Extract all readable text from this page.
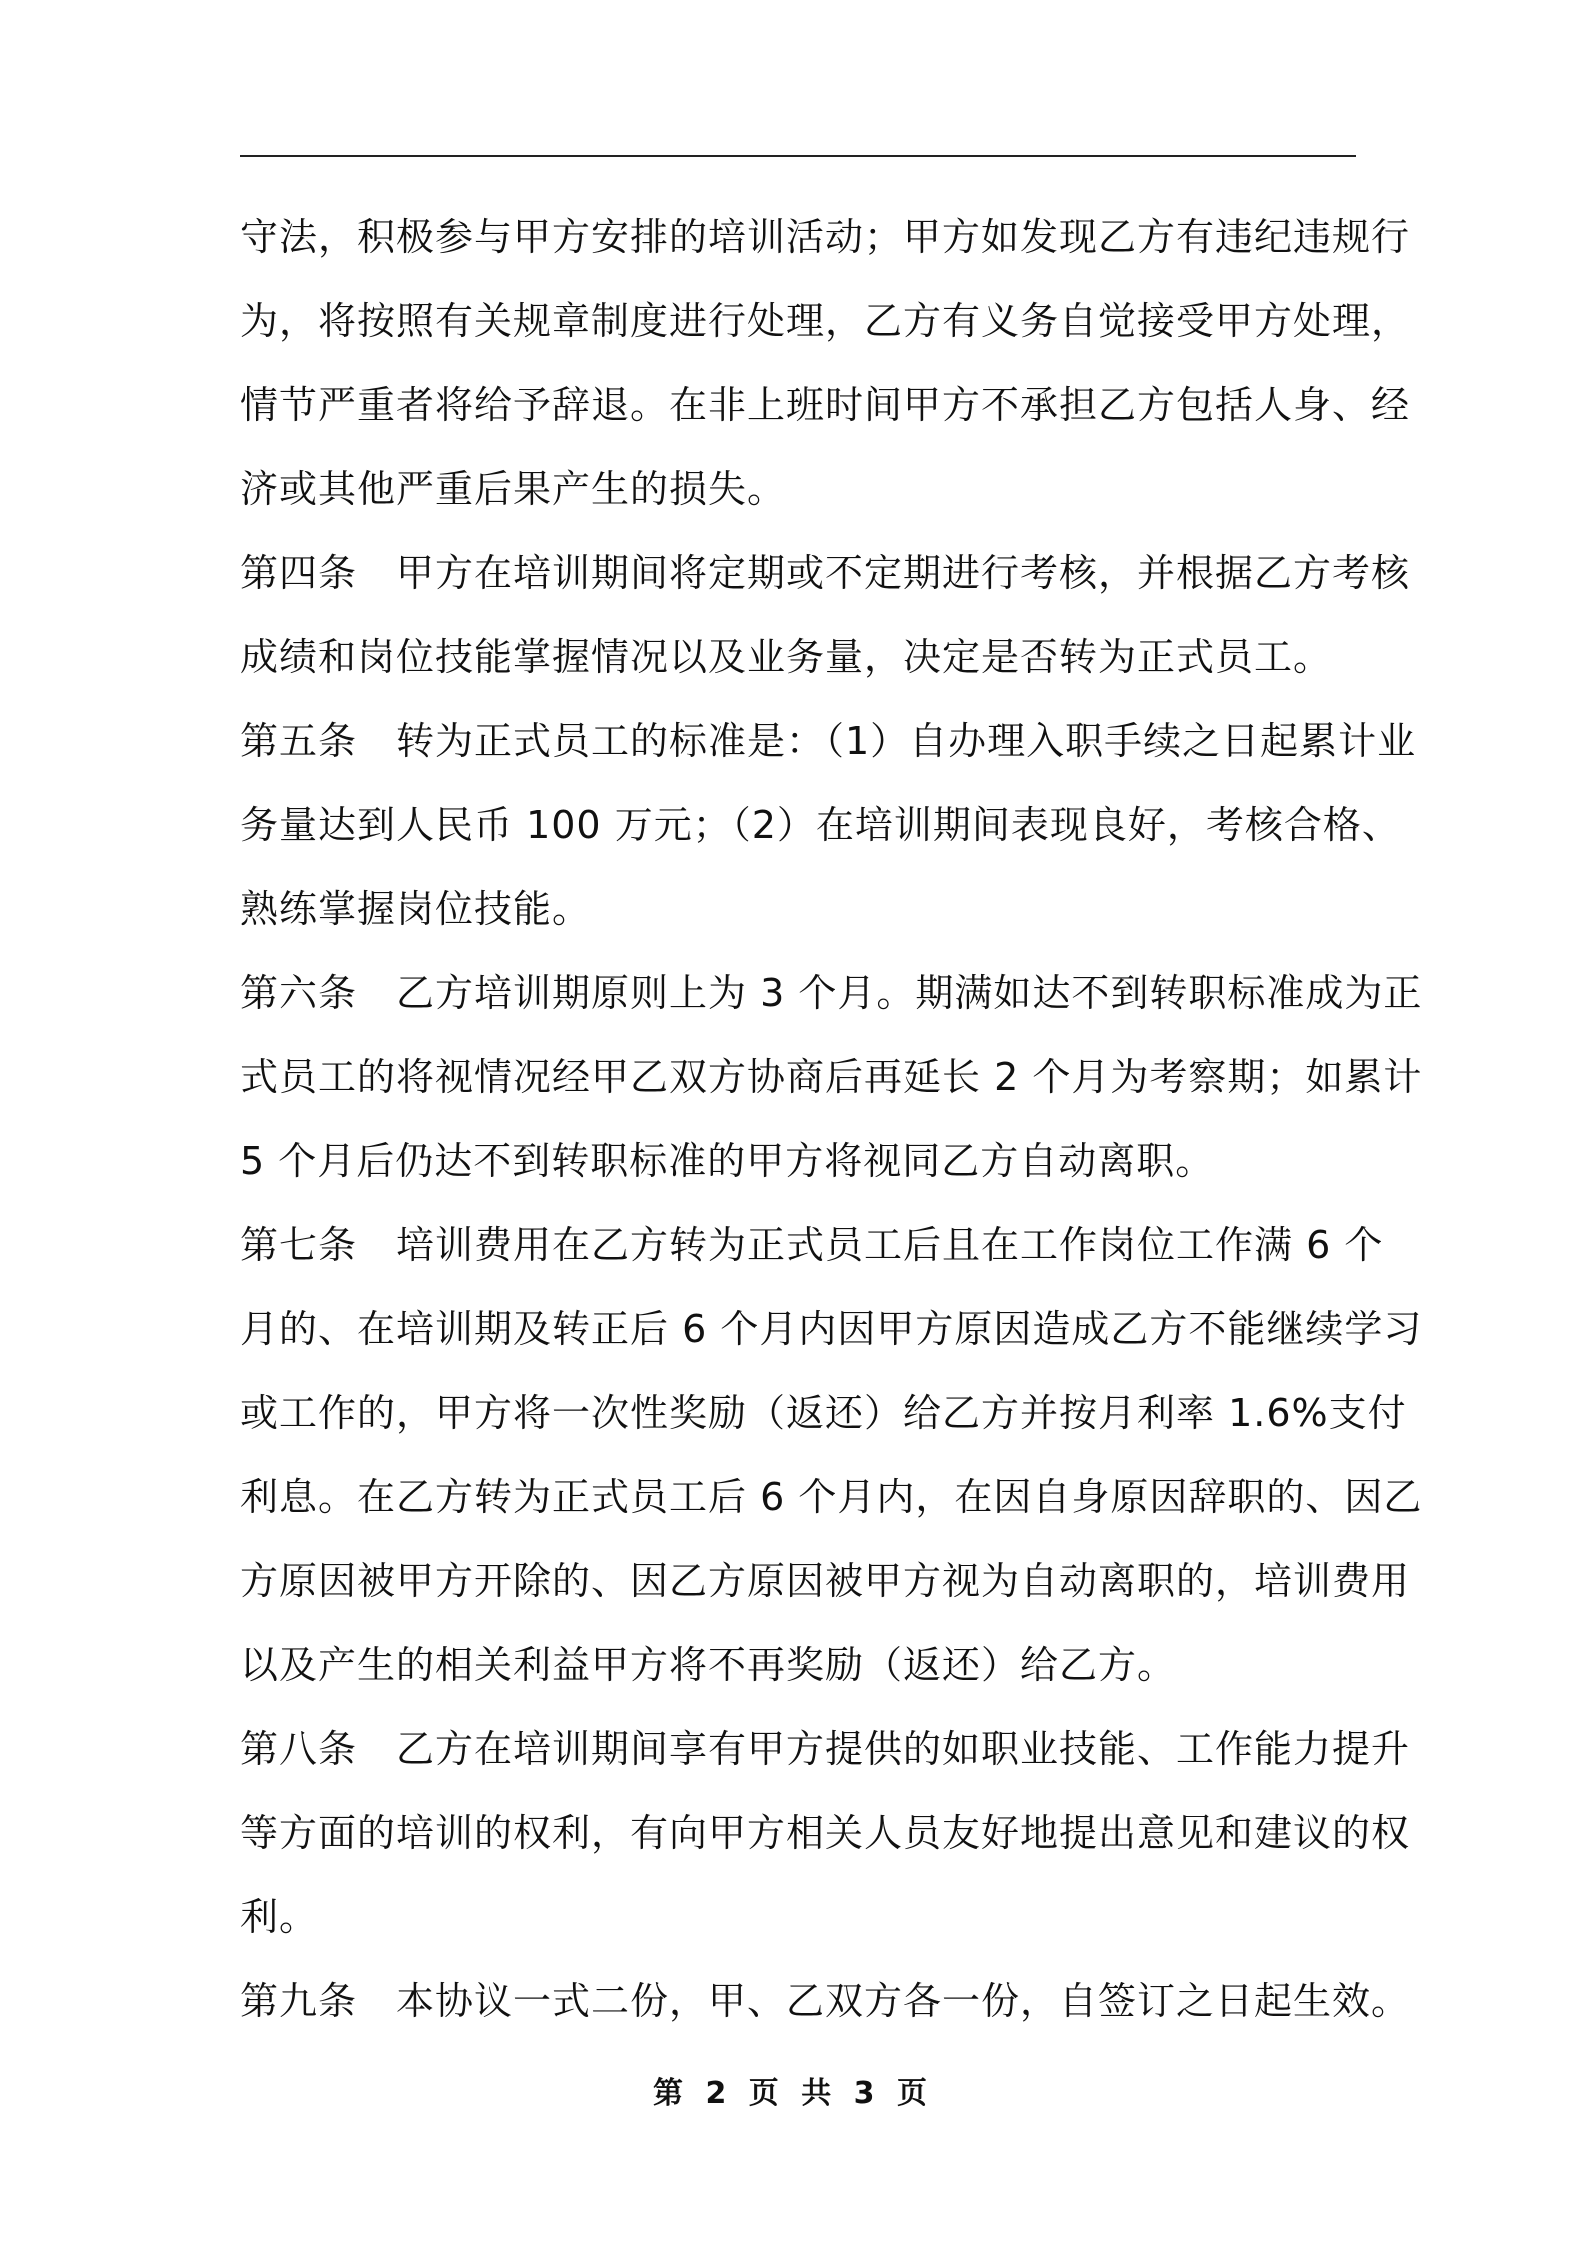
守法，积极参与甲方安排的培训活动；甲方如发现乙方有违纪违规行
为，将按照有关规章制度进行处理，乙方有义务自觉接受甲方处理，
情节严重者将给予辞退。在非上班时间甲方不承担乙方包括人身、经
济或其他严重后果产生的损失。
第四条　甲方在培训期间将定期或不定期进行考核，并根据乙方考核
成绩和岗位技能掌握情况以及业务量，决定是否转为正式员工。
第五条　转为正式员工的标准是：（1）自办理入职手续之日起累计业
务量达到人民币 100 万元；（2）在培训期间表现良好，考核合格、
熟练掌握岗位技能。
第六条　乙方培训期原则上为 3 个月。期满如达不到转职标准成为正
式员工的将视情况经甲乙双方协商后再延长 2 个月为考察期；如累计
5 个月后仍达不到转职标准的甲方将视同乙方自动离职。
第七条　培训费用在乙方转为正式员工后且在工作岗位工作满 6 个
月的、在培训期及转正后 6 个月内因甲方原因造成乙方不能继续学习
或工作的，甲方将一次性奖励（返还）给乙方并按月利率 1.6%支付
利息。在乙方转为正式员工后 6 个月内，在因自身原因辞职的、因乙
方原因被甲方开除的、因乙方原因被甲方视为自动离职的，培训费用
以及产生的相关利益甲方将不再奖励（返还）给乙方。
第八条　乙方在培训期间享有甲方提供的如职业技能、工作能力提升
等方面的培训的权利，有向甲方相关人员友好地提出意见和建议的权
利。
第九条　本协议一式二份，甲、乙双方各一份，自签订之日起生效。
第 2 页 共 3 页
